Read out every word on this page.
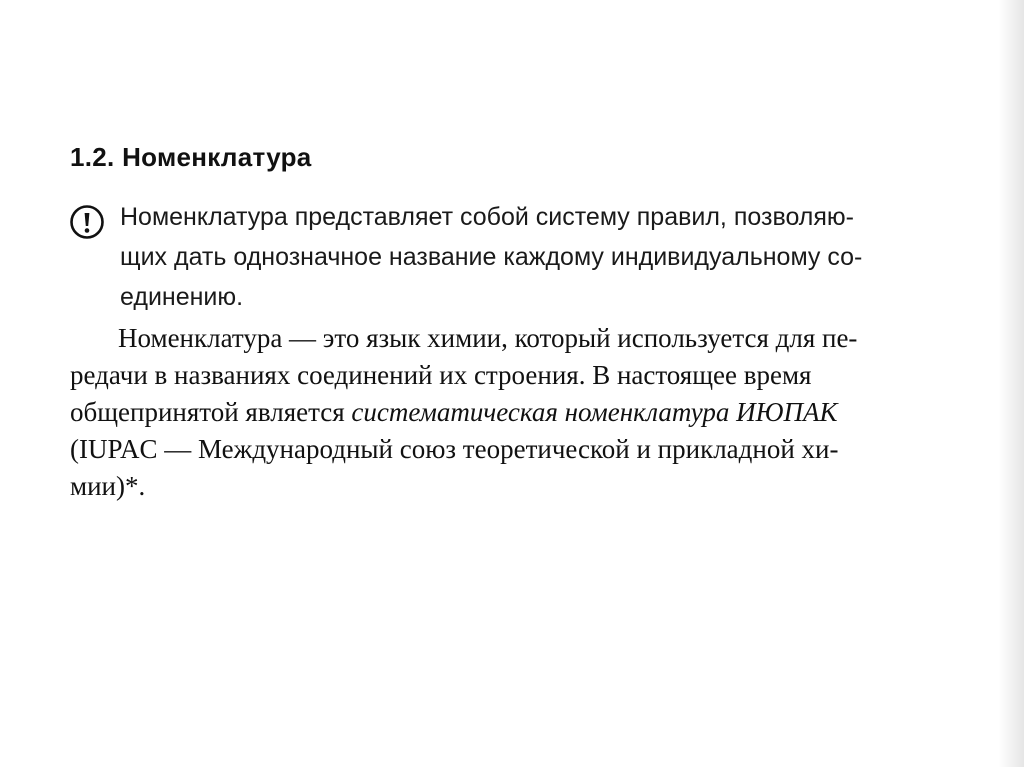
1.2. Номенклатура
Номенклатура представляет собой систему правил, позволяю-
щих дать однозначное название каждому индивидуальному со-
единению.
Номенклатура — это язык химии, который используется для пе-
редачи в названиях соединений их строения. В настоящее время
общепринятой является систематическая номенклатура ИЮПАК
(IUPAC — Международный союз теоретической и прикладной хи-
мии)*.
